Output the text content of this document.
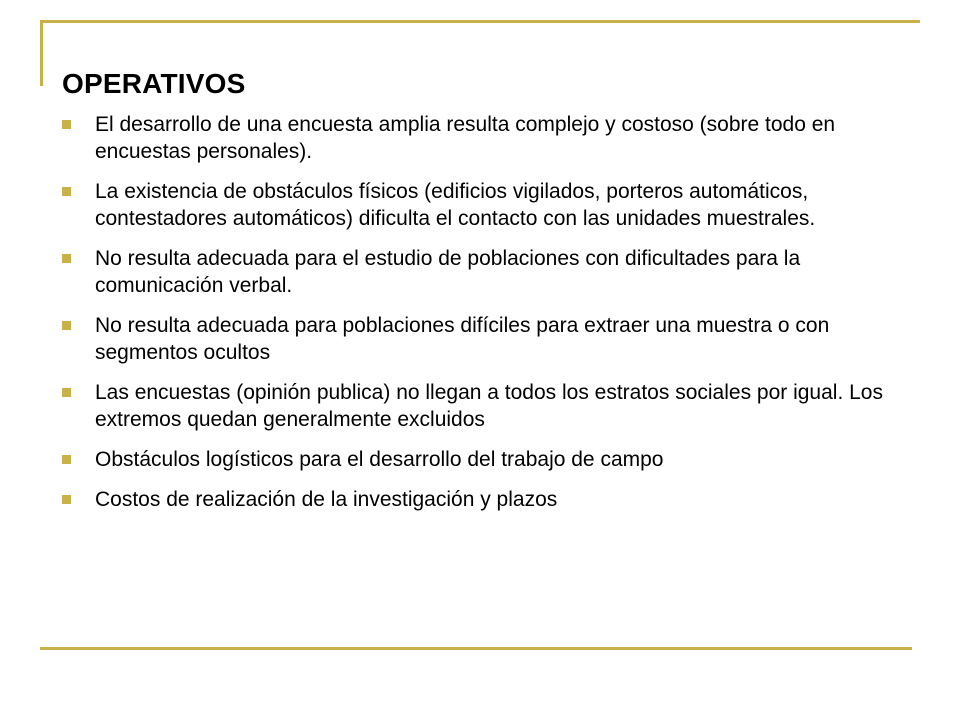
OPERATIVOS
El desarrollo de una encuesta amplia resulta complejo y costoso (sobre todo en encuestas personales).
La existencia de obstáculos físicos (edificios vigilados, porteros automáticos, contestadores automáticos) dificulta el contacto con las unidades muestrales.
No resulta adecuada para el estudio de poblaciones con dificultades para la comunicación verbal.
No resulta adecuada para poblaciones difíciles para extraer una muestra o con segmentos ocultos
Las encuestas (opinión publica) no llegan a todos los estratos sociales por igual. Los extremos quedan generalmente excluidos
Obstáculos logísticos para el desarrollo del trabajo de campo
Costos de realización de la investigación y plazos
